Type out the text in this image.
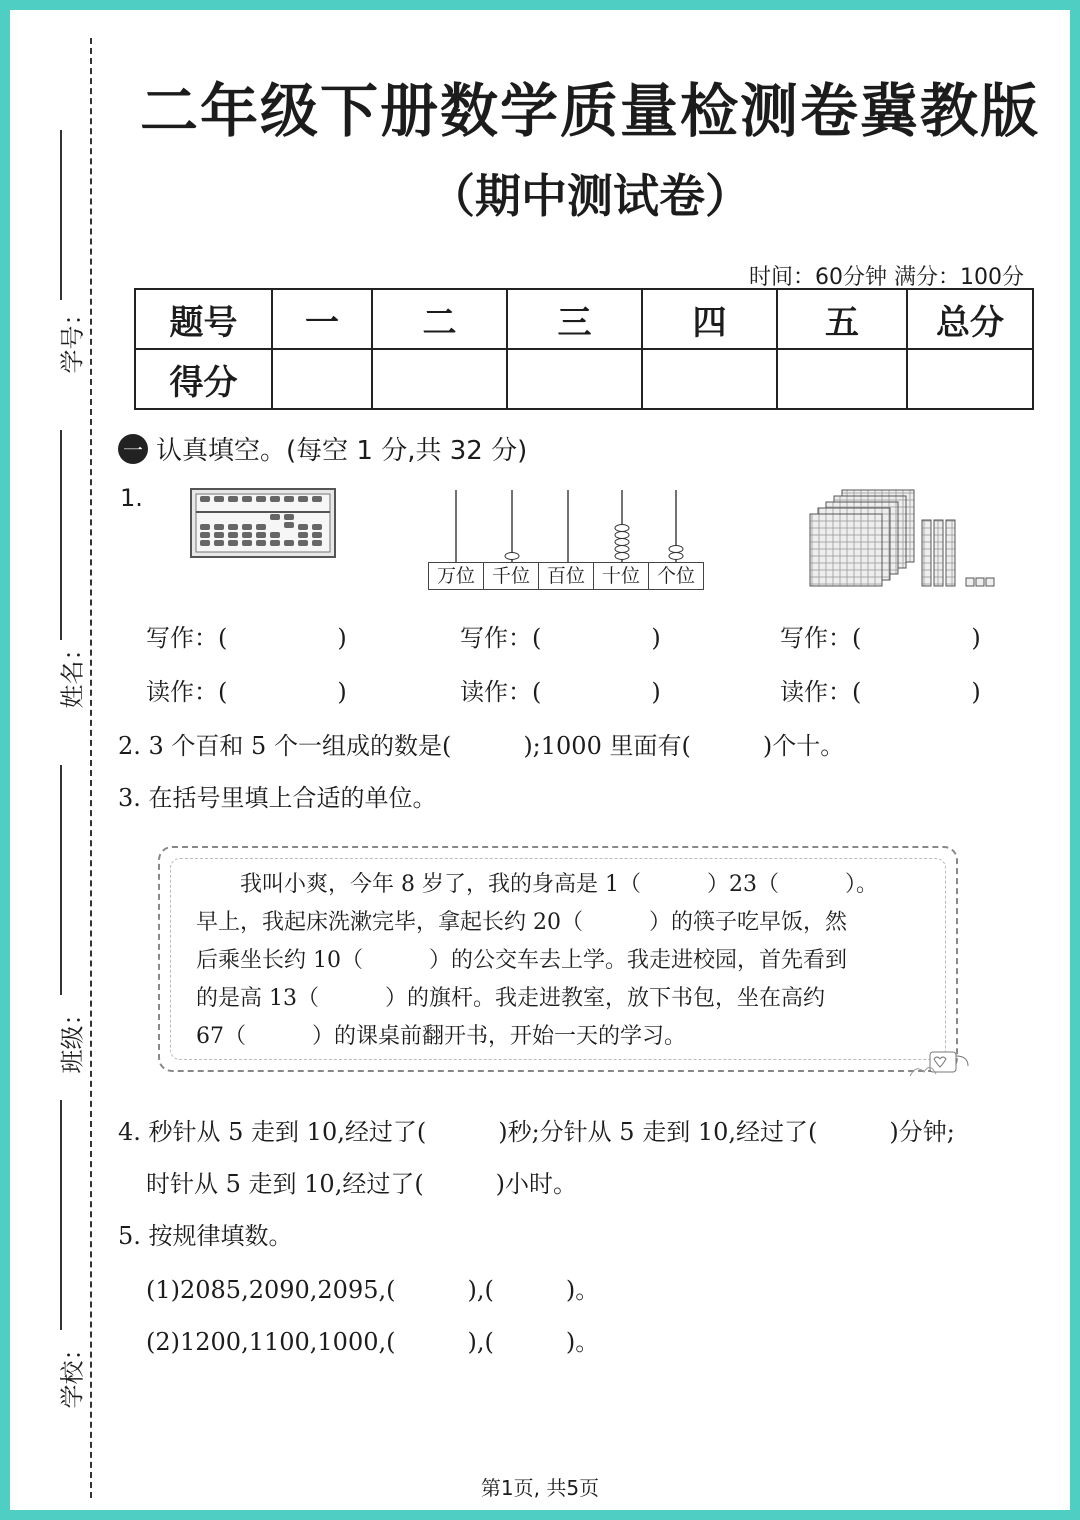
学号：
姓名：
班级：
学校：
二年级下册数学质量检测卷冀教版
（期中测试卷）
时间：60分钟 满分：100分
题号	一	二	三	四	五	总分
得分						
一 认真填空。(每空 1 分,共 32 分)
1.
万位 千位 百位 十位 个位
写作：(	)	写作：(	)	写作：(	)
读作：(	)	读作：(	)	读作：(	)
2. 3 个百和 5 个一组成的数是(　　　);1000 里面有(　　　)个十。
3. 在括号里填上合适的单位。

　　我叫小爽，今年 8 岁了，我的身高是 1（　　　）23（　　　）。

早上，我起床洗漱完毕，拿起长约 20（　　　）的筷子吃早饭，然

后乘坐长约 10（　　　）的公交车去上学。我走进校园，首先看到

的是高 13（　　　）的旗杆。我走进教室，放下书包，坐在高约

67（　　　）的课桌前翻开书，开始一天的学习。

4. 秒针从 5 走到 10,经过了(　　　)秒;分针从 5 走到 10,经过了(　　　)分钟;
时针从 5 走到 10,经过了(　　　)小时。
5. 按规律填数。
(1)2085,2090,2095,(　　　),(　　　)。
(2)1200,1100,1000,(　　　),(　　　)。
第1页, 共5页
